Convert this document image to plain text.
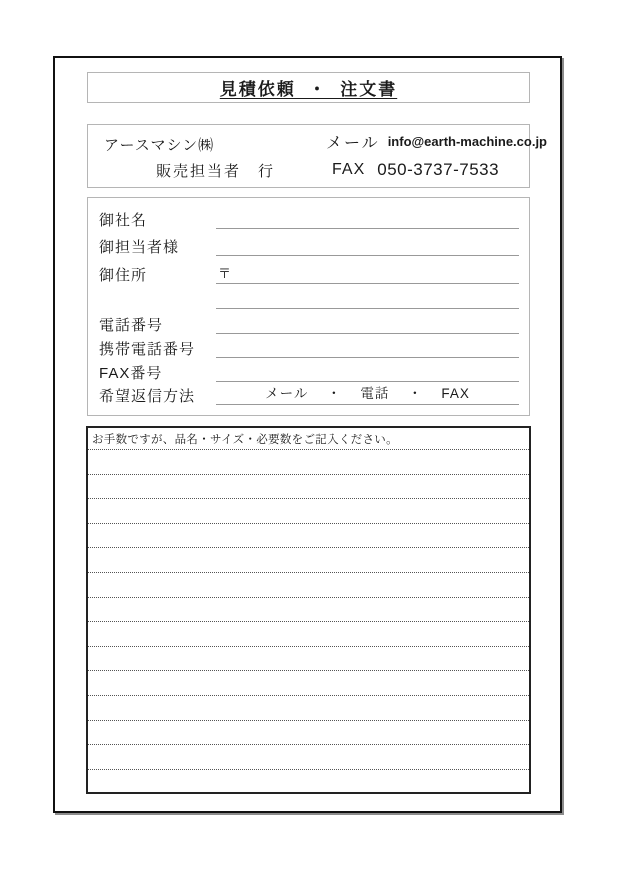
見積依頼 ・ 注文書
アースマシン㈱
販売担当者　行
メール info@earth-machine.co.jp
FAX 050-3737-7533
御社名
御担当者様
御住所	〒
電話番号
携帯電話番号
FAX番号
希望返信方法	メール ・ 電話 ・ FAX
お手数ですが、品名・サイズ・必要数をご記入ください。
